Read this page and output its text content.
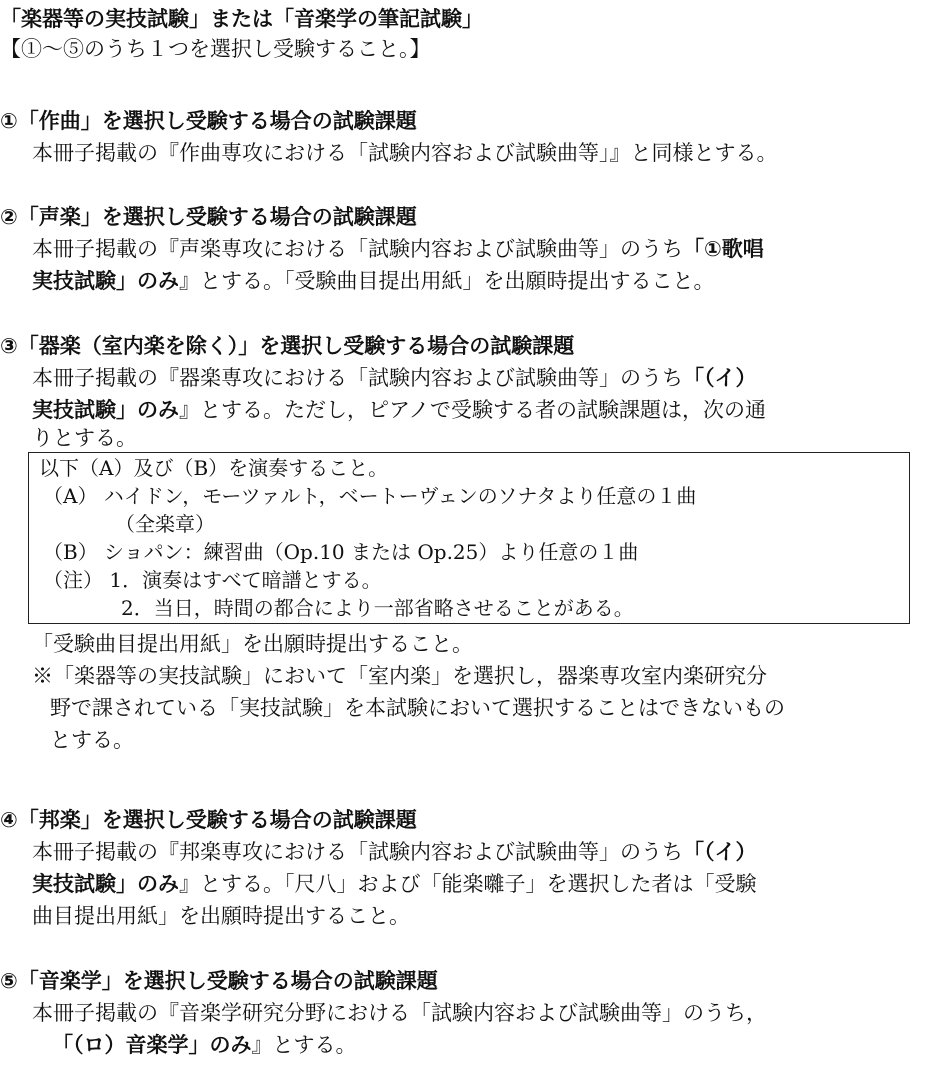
「楽器等の実技試験」または「音楽学の筆記試験」
【①～⑤のうち１つを選択し受験すること。】
①「作曲」を選択し受験する場合の試験課題
本冊子掲載の『作曲専攻における「試験内容および試験曲等」』と同様とする。
②「声楽」を選択し受験する場合の試験課題
本冊子掲載の『声楽専攻における「試験内容および試験曲等」のうち「①歌唱
実技試験」のみ』とする。「受験曲目提出用紙」を出願時提出すること。
③「器楽（室内楽を除く）」を選択し受験する場合の試験課題
本冊子掲載の『器楽専攻における「試験内容および試験曲等」のうち「（イ）
実技試験」のみ』とする。ただし，ピアノで受験する者の試験課題は，次の通
りとする。
以下（A）及び（B）を演奏すること。
（A） ハイドン，モーツァルト，ベートーヴェンのソナタより任意の１曲
（全楽章）
（B） ショパン：練習曲（Op.10 または Op.25）より任意の１曲
（注） 1．演奏はすべて暗譜とする。
2．当日，時間の都合により一部省略させることがある。
「受験曲目提出用紙」を出願時提出すること。
※「楽器等の実技試験」において「室内楽」を選択し，器楽専攻室内楽研究分
野で課されている「実技試験」を本試験において選択することはできないもの
とする。
④「邦楽」を選択し受験する場合の試験課題
本冊子掲載の『邦楽専攻における「試験内容および試験曲等」のうち「（イ）
実技試験」のみ』とする。「尺八」および「能楽囃子」を選択した者は「受験
曲目提出用紙」を出願時提出すること。
⑤「音楽学」を選択し受験する場合の試験課題
本冊子掲載の『音楽学研究分野における「試験内容および試験曲等」のうち，
「（ロ）音楽学」のみ』とする。
